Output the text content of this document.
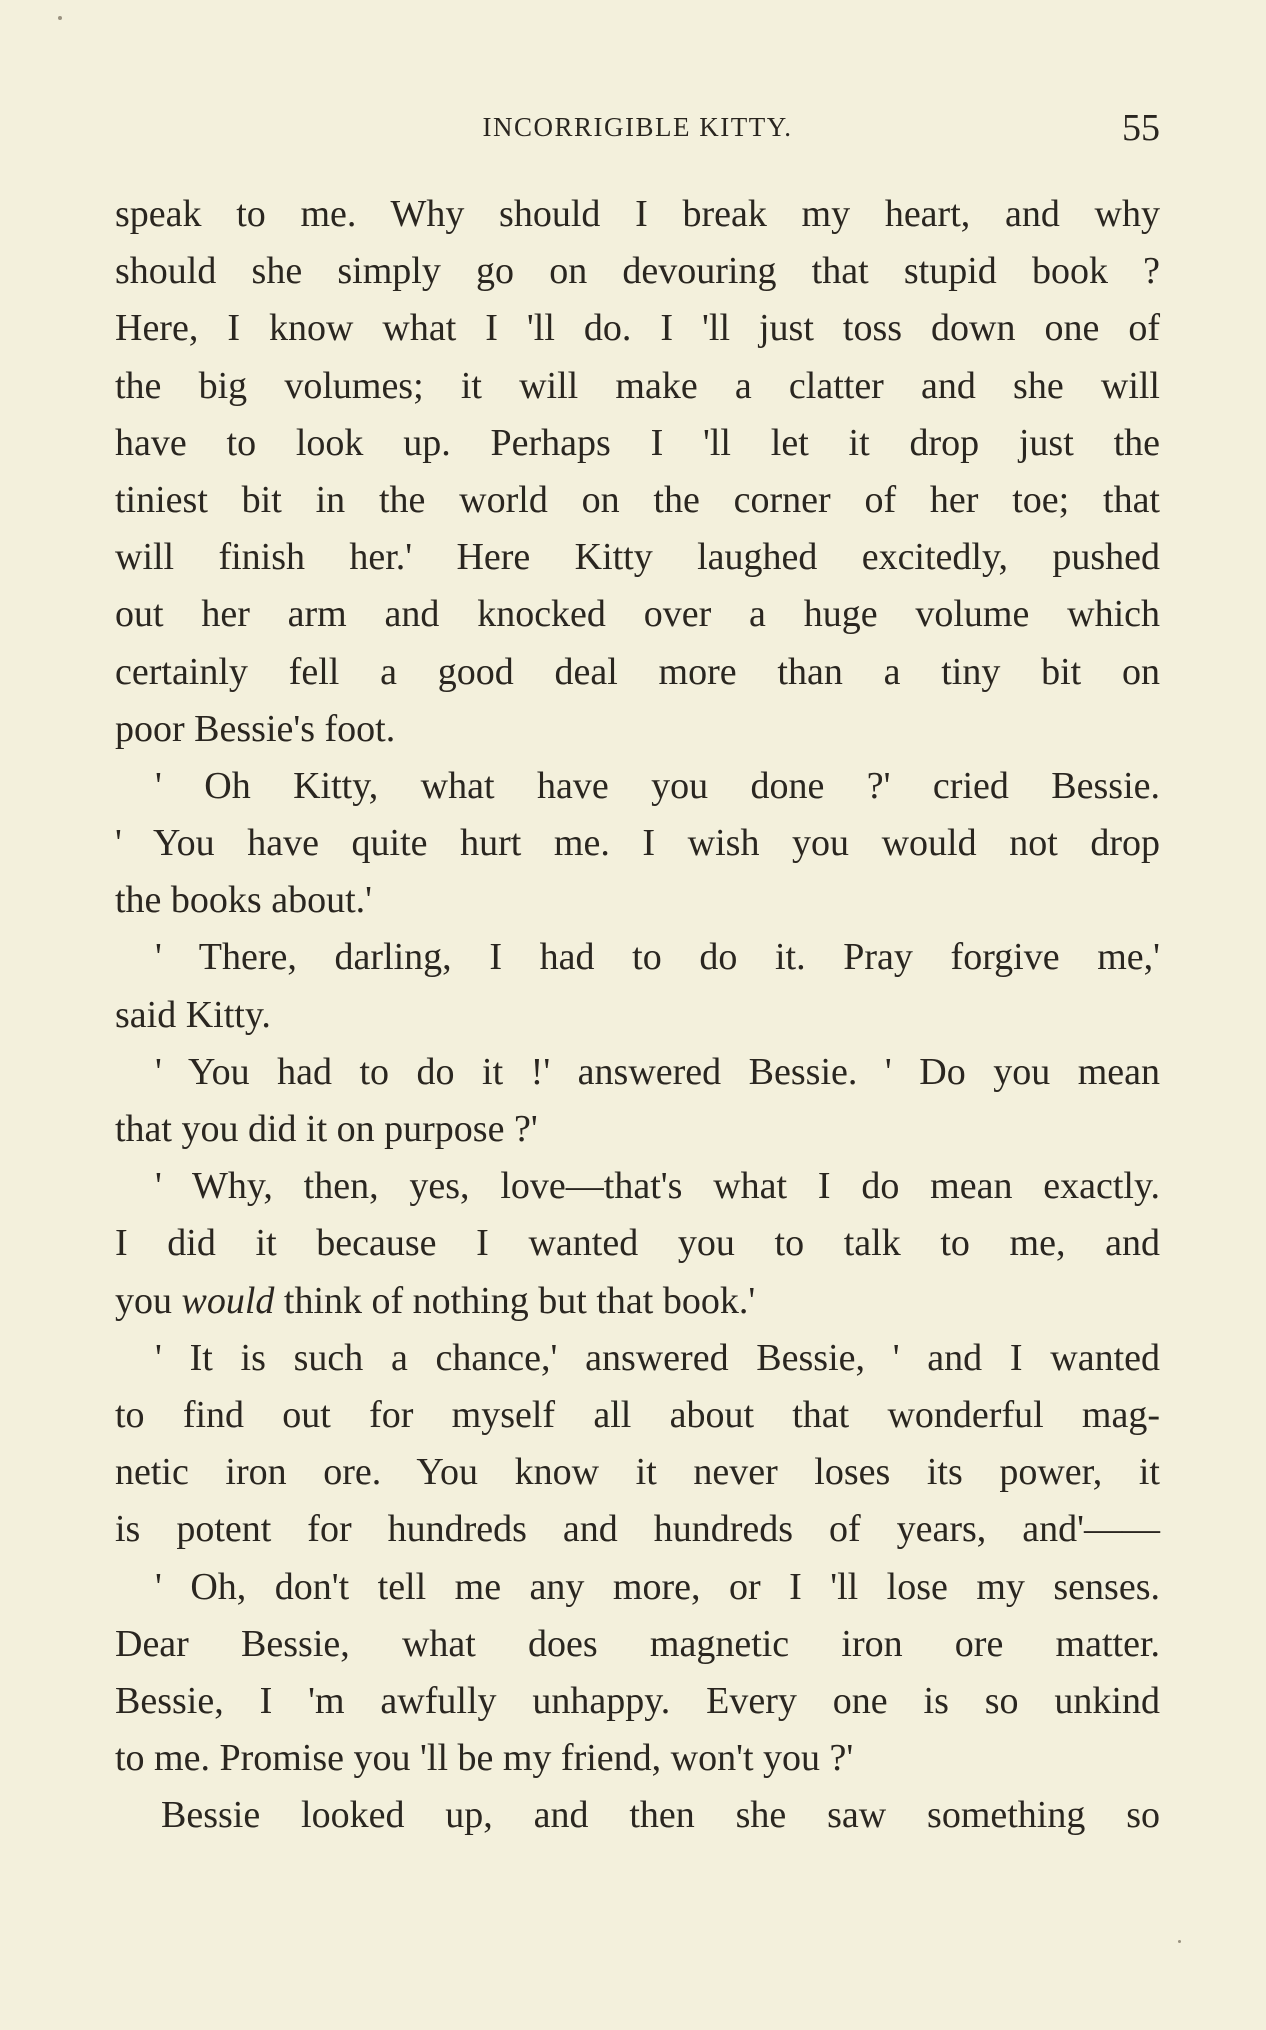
INCORRIGIBLE KITTY.	55
speak to me. Why should I break my heart, and why
should she simply go on devouring that stupid book ?
Here, I know what I 'll do. I 'll just toss down one of
the big volumes; it will make a clatter and she will
have to look up. Perhaps I 'll let it drop just the
tiniest bit in the world on the corner of her toe; that
will finish her.' Here Kitty laughed excitedly, pushed
out her arm and knocked over a huge volume which
certainly fell a good deal more than a tiny bit on
poor Bessie's foot.
' Oh Kitty, what have you done ?' cried Bessie.
' You have quite hurt me. I wish you would not drop
the books about.'
' There, darling, I had to do it. Pray forgive me,'
said Kitty.
' You had to do it !' answered Bessie. ' Do you mean
that you did it on purpose ?'
' Why, then, yes, love—that's what I do mean exactly.
I did it because I wanted you to talk to me, and
you would think of nothing but that book.'
' It is such a chance,' answered Bessie, ' and I wanted
to find out for myself all about that wonderful mag-
netic iron ore. You know it never loses its power, it
is potent for hundreds and hundreds of years, and'——
' Oh, don't tell me any more, or I 'll lose my senses.
Dear Bessie, what does magnetic iron ore matter.
Bessie, I 'm awfully unhappy. Every one is so unkind
to me. Promise you 'll be my friend, won't you ?'
Bessie looked up, and then she saw something so
